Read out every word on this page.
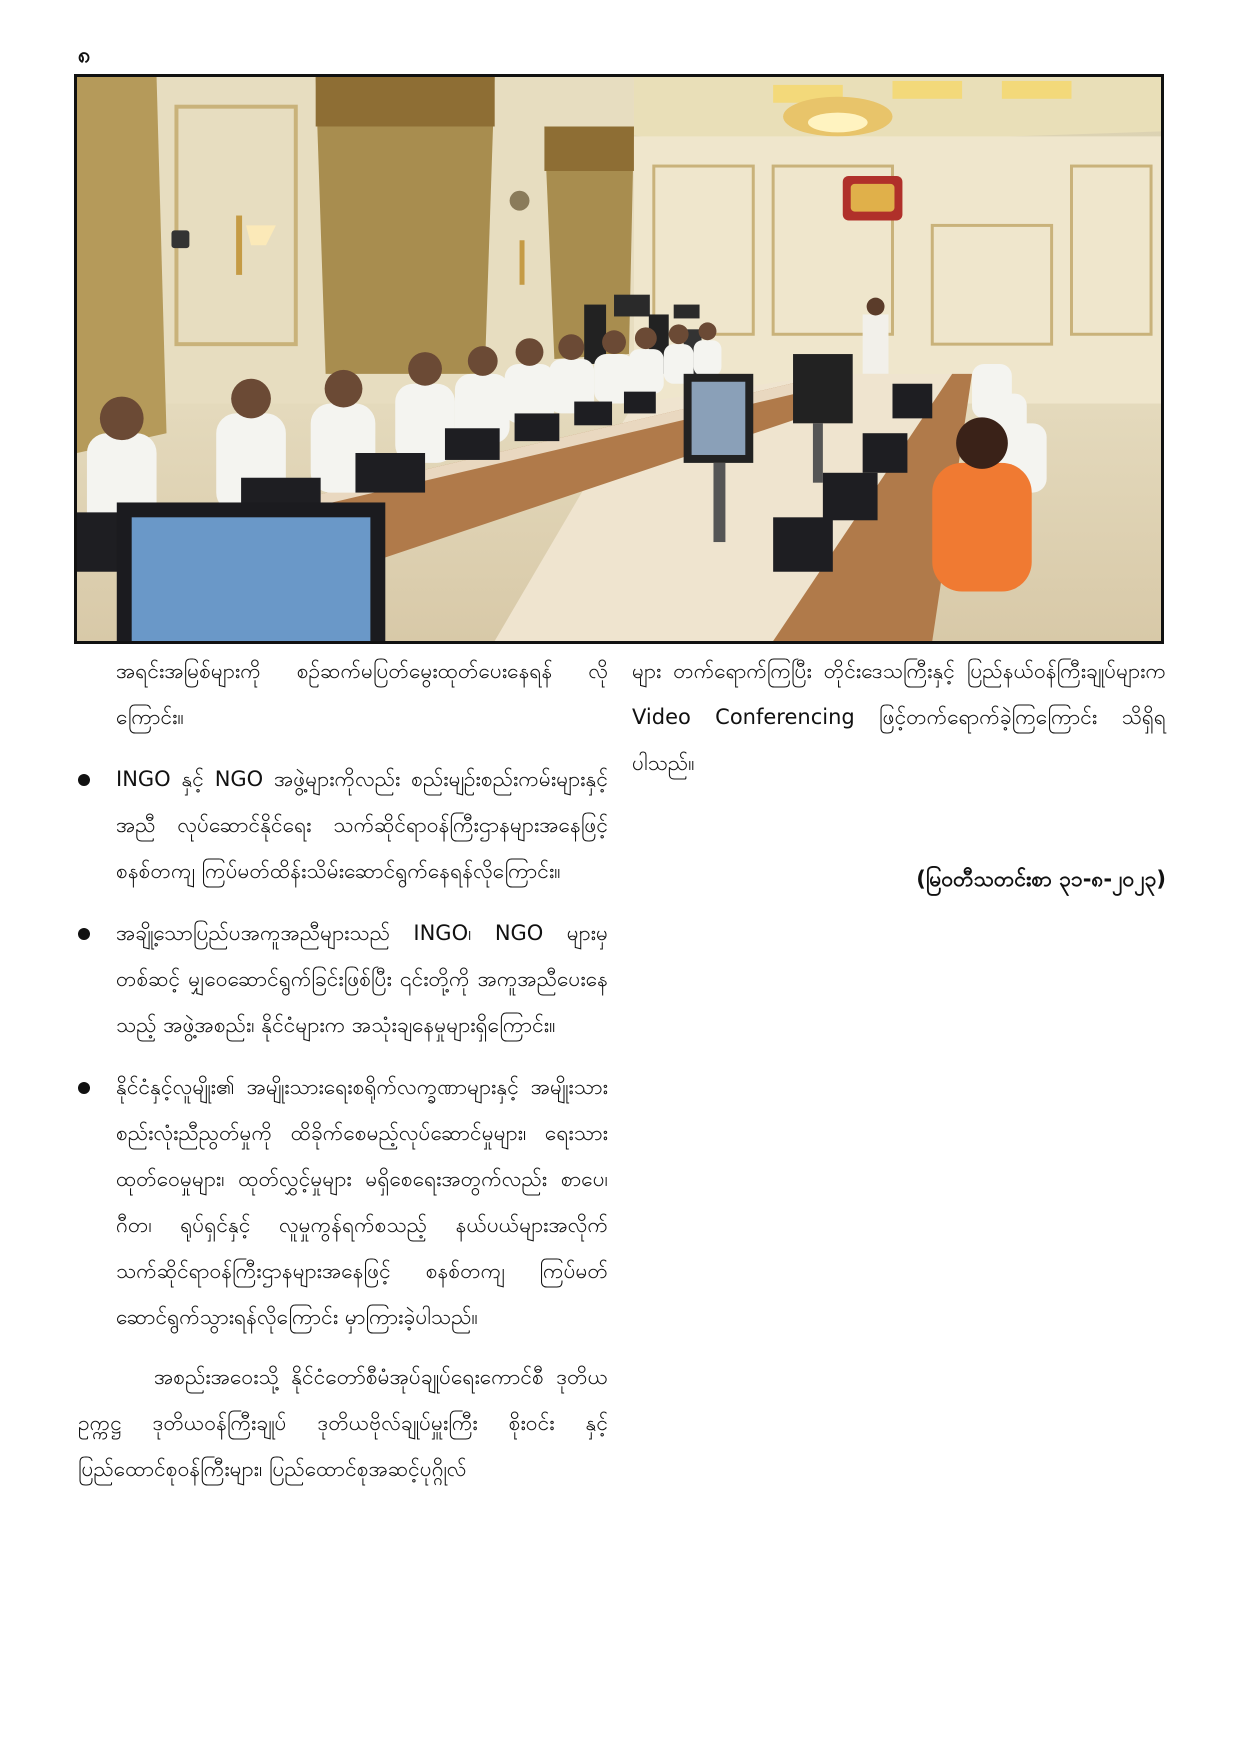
၈

အရင်းအမြစ်များကို စဉ်ဆက်မပြတ်မွေးထုတ်ပေးနေရန် လိုကြောင်း။

INGO နှင့် NGO အဖွဲ့များကိုလည်း စည်းမျဉ်းစည်းကမ်းများနှင့်အညီ လုပ်ဆောင်နိုင်ရေး သက်ဆိုင်ရာဝန်ကြီးဌာနများအနေဖြင့် စနစ်တကျ ကြပ်မတ်ထိန်းသိမ်းဆောင်ရွက်နေရန်လိုကြောင်း။

အချို့သောပြည်ပအကူအညီများသည် INGO၊ NGO များမှတစ်ဆင့် မျှဝေဆောင်ရွက်ခြင်းဖြစ်ပြီး ၎င်းတို့ကို အကူအညီပေးနေသည့် အဖွဲ့အစည်း၊ နိုင်ငံများက အသုံးချနေမှုများရှိကြောင်း။

နိုင်ငံနှင့်လူမျိုး၏ အမျိုးသားရေးစရိုက်လက္ခဏာများနှင့် အမျိုးသားစည်းလုံးညီညွတ်မှုကို ထိခိုက်စေမည့်လုပ်ဆောင်မှုများ၊ ရေးသားထုတ်ဝေမှုများ၊ ထုတ်လွှင့်မှုများ မရှိစေရေးအတွက်လည်း စာပေ၊ ဂီတ၊ ရုပ်ရှင်နှင့် လူမှုကွန်ရက်စသည့် နယ်ပယ်များအလိုက် သက်ဆိုင်ရာဝန်ကြီးဌာနများအနေဖြင့် စနစ်တကျ ကြပ်မတ်ဆောင်ရွက်သွားရန်လိုကြောင်း မှာကြားခဲ့ပါသည်။

အစည်းအဝေးသို့ နိုင်ငံတော်စီမံအုပ်ချုပ်ရေးကောင်စီ ဒုတိယဥက္ကဋ္ဌ ဒုတိယဝန်ကြီးချုပ် ဒုတိယဗိုလ်ချုပ်မှူးကြီး စိုးဝင်း နှင့် ပြည်ထောင်စုဝန်ကြီးများ၊ ပြည်ထောင်စုအဆင့်ပုဂ္ဂိုလ်

များ တက်ရောက်ကြပြီး တိုင်းဒေသကြီးနှင့် ပြည်နယ်ဝန်ကြီးချုပ်များက Video Conferencing ဖြင့်တက်ရောက်ခဲ့ကြကြောင်း သိရှိရပါသည်။

(မြဝတီသတင်းစာ ၃၁-၈-၂၀၂၃)
